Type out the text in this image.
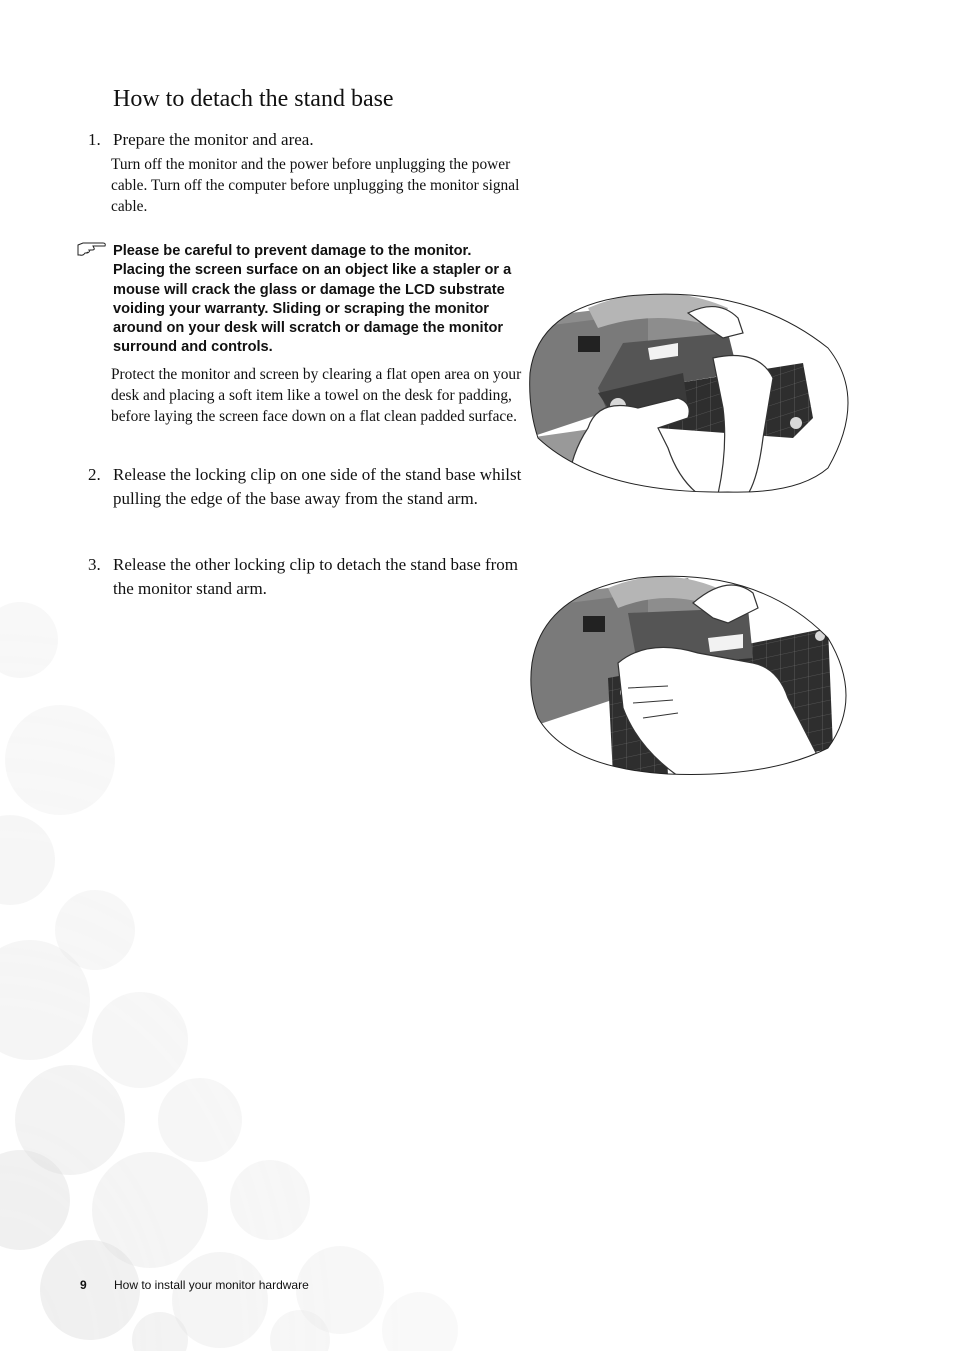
How to detach the stand base
1. Prepare the monitor and area.
Turn off the monitor and the power before unplugging the power cable. Turn off the computer before unplugging the monitor signal cable.
Please be careful to prevent damage to the monitor. Placing the screen surface on an object like a stapler or a mouse will crack the glass or damage the LCD substrate voiding your warranty. Sliding or scraping the monitor around on your desk will scratch or damage the monitor surround and controls.
Protect the monitor and screen by clearing a flat open area on your desk and placing a soft item like a towel on the desk for padding, before laying the screen face down on a flat clean padded surface.
2. Release the locking clip on one side of the stand base whilst pulling the edge of the base away from the stand arm.
3. Release the other locking clip to detach the stand base from the monitor stand arm.
9 How to install your monitor hardware
